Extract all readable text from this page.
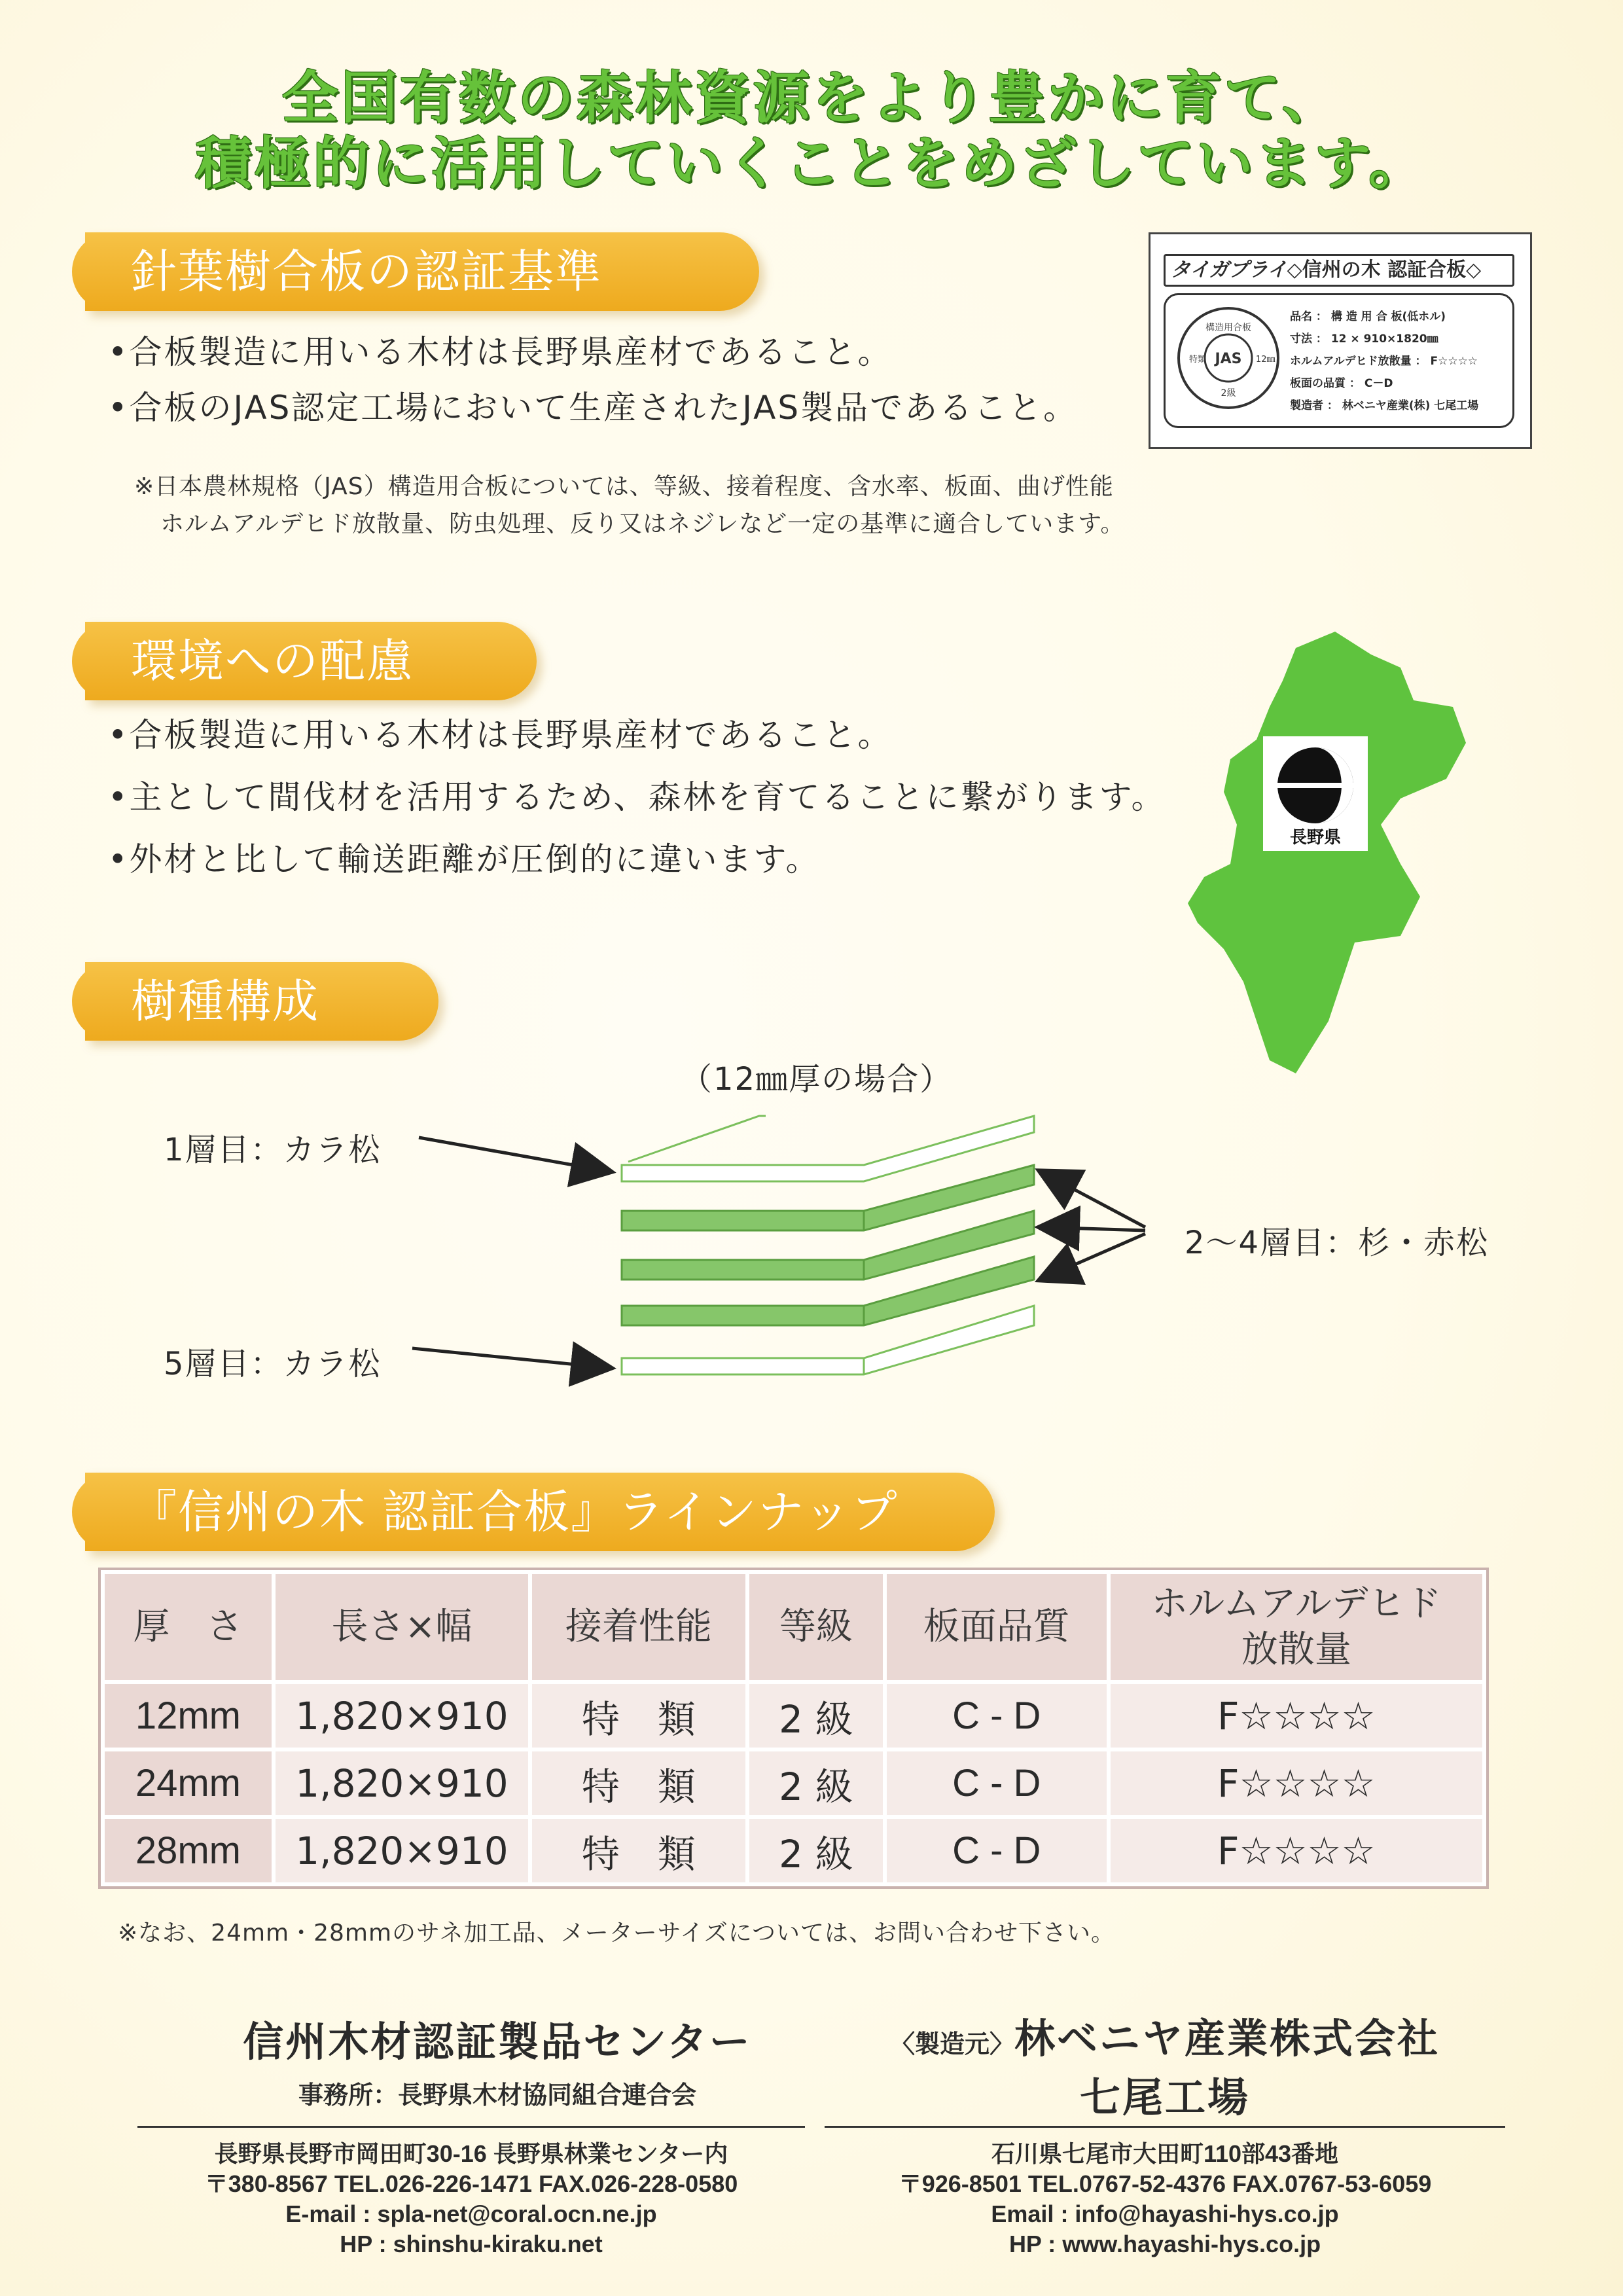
全国有数の森林資源をより豊かに育て、
積極的に活用していくことをめざしています。
針葉樹合板の認証基準
•合板製造に用いる木材は長野県産材であること。
•合板のJAS認定工場において生産されたJAS製品であること。
※日本農林規格（JAS）構造用合板については、等級、接着程度、含水率、板面、曲げ性能
ホルムアルデヒド放散量、防虫処理、反り又はネジレなど一定の基準に適合しています。
タイガプライ◇信州の木 認証合板◇
構造用合板
JAS
特類	12㎜
2級
品名 ： 構 造 用 合 板(低ホル)
寸法 ： 12 × 910×1820㎜
ホルムアルデヒド放散量 ： F☆☆☆☆
板面の品質 ： C－D
製造者 ： 林ベニヤ産業(株) 七尾工場
環境への配慮
•合板製造に用いる木材は長野県産材であること。
•主として間伐材を活用するため、森林を育てることに繋がります。
•外材と比して輸送距離が圧倒的に違います。
長野県
樹種構成
（12㎜厚の場合）
1層目：カラ松
5層目：カラ松
2～4層目：杉・赤松
『信州の木 認証合板』ラインナップ
厚　さ	長さ×幅	接着性能	等級	板面品質	ホルムアルデヒド
放散量

12mm	1,820×910	特　類	2 級	C - D	F☆☆☆☆
24mm	1,820×910	特　類	2 級	C - D	F☆☆☆☆
28mm	1,820×910	特　類	2 級	C - D	F☆☆☆☆
※なお、24mm・28mmのサネ加工品、メーターサイズについては、お問い合わせ下さい。
信州木材認証製品センター
事務所：長野県木材協同組合連合会
長野県長野市岡田町30-16 長野県林業センター内
〒380-8567 TEL.026-226-1471 FAX.026-228-0580
E-mail : spla-net@coral.ocn.ne.jp
HP : shinshu-kiraku.net
〈製造元〉林ベニヤ産業株式会社
七尾工場
石川県七尾市大田町110部43番地
〒926-8501 TEL.0767-52-4376 FAX.0767-53-6059
Email : info@hayashi-hys.co.jp
HP : www.hayashi-hys.co.jp
